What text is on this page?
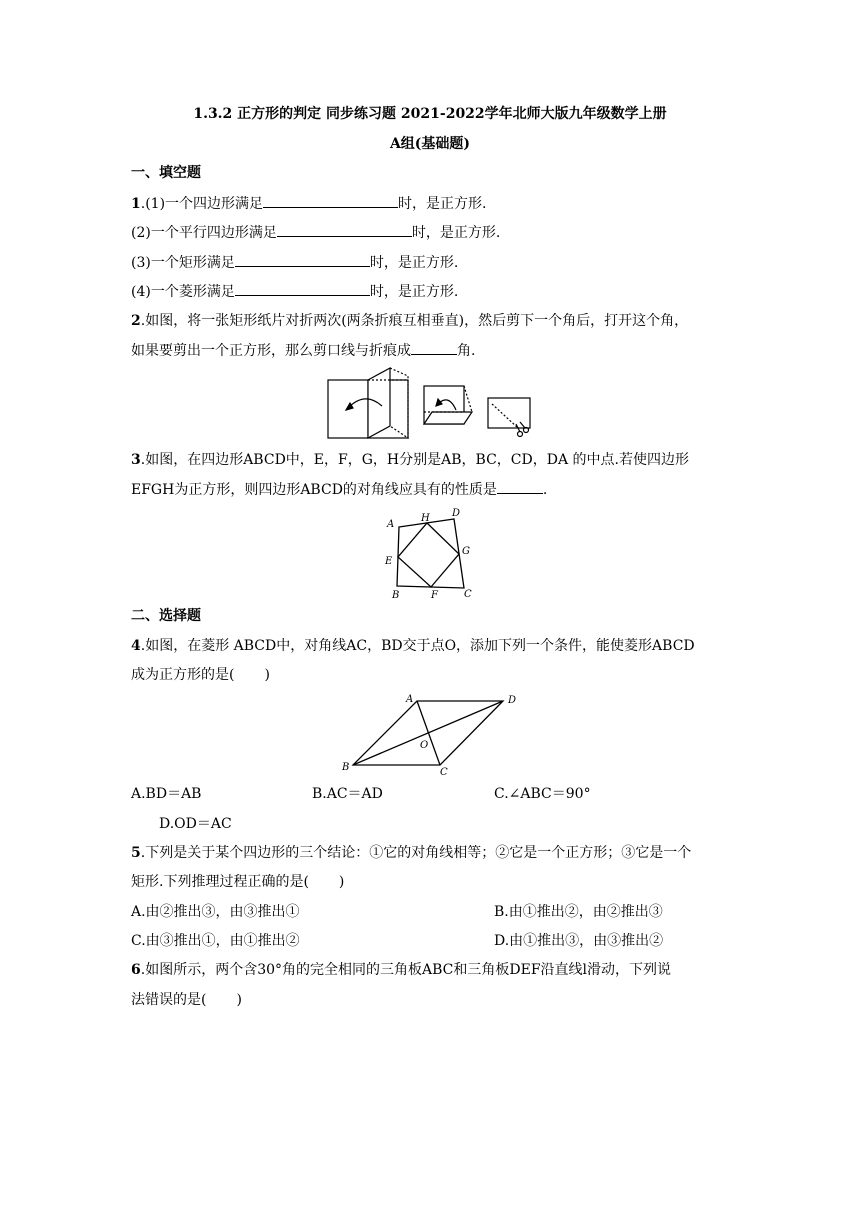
1.3.2 正方形的判定 同步练习题 2021-2022学年北师大版九年级数学上册
A组(基础题)
一、填空题
1.(1)一个四边形满足	时，是正方形.
(2)一个平行四边形满足	时，是正方形.
(3)一个矩形满足	时，是正方形.
(4)一个菱形满足	时，是正方形.
2.如图，将一张矩形纸片对折两次(两条折痕互相垂直)，然后剪下一个角后，打开这个角，
如果要剪出一个正方形，那么剪口线与折痕成	角.
3.如图，在四边形ABCD中，E，F，G，H分别是AB，BC，CD，DA 的中点.若使四边形
EFGH为正方形，则四边形ABCD的对角线应具有的性质是	.
A
H D
E
G
B	F	C
二、选择题
4.如图，在菱形 ABCD中，对角线AC，BD交于点O，添加下列一个条件，能使菱形ABCD
成为正方形的是( )
A	D
O
B	C
A.BD＝AB	B.AC＝AD	C.∠ABC＝90°
D.OD＝AC
5.下列是关于某个四边形的三个结论：①它的对角线相等；②它是一个正方形；③它是一个
矩形.下列推理过程正确的是( )
A.由②推出③，由③推出①	B.由①推出②，由②推出③
C.由③推出①，由①推出②	D.由①推出③，由③推出②
6.如图所示，两个含30°角的完全相同的三角板ABC和三角板DEF沿直线l滑动，下列说
法错误的是( )
